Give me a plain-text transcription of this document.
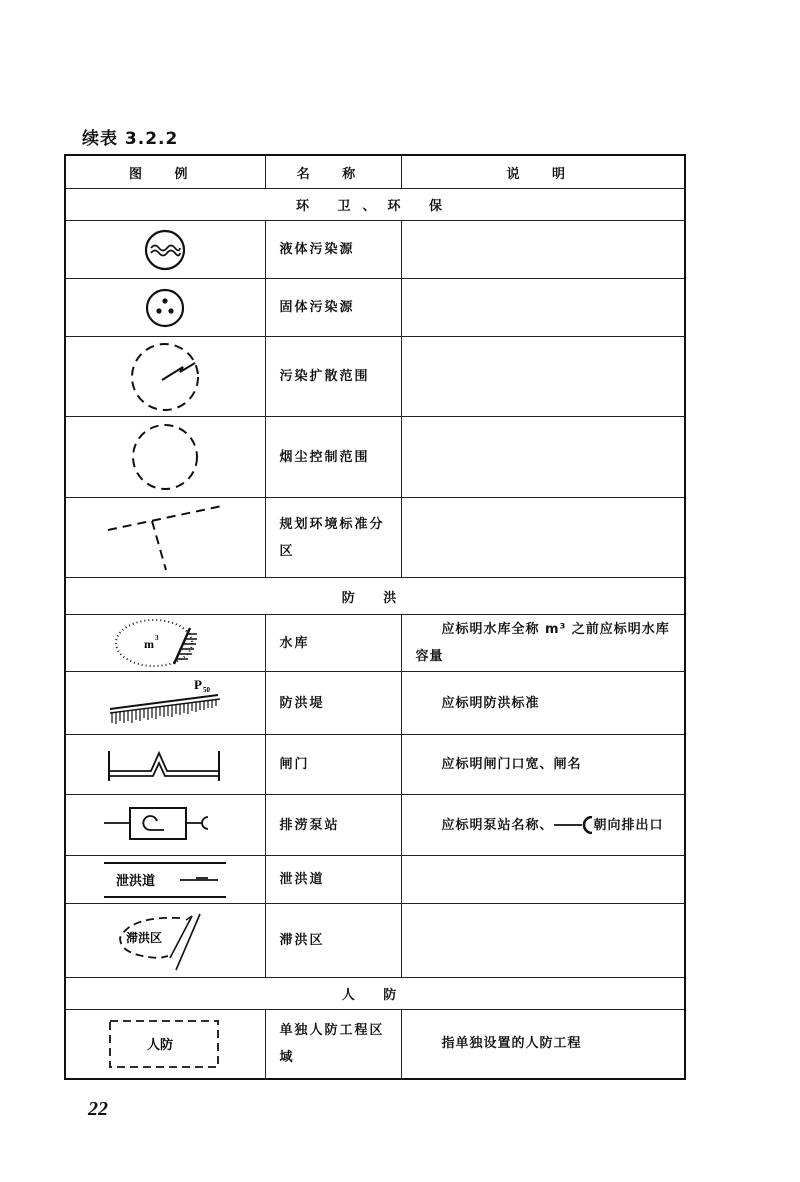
续表 3.2.2
图 例	名 称	说 明
环 卫、环 保		

	液体污染源	

	固体污染源	

	污染扩散范围	

	烟尘控制范围	

	规划环境标准分区	
防 洪		

m 3	水库	应标明水库全称 m³ 之前应标明水库容量

P 50	防洪堤	应标明防洪标准

	闸门	应标明闸门口宽、闸名

	排涝泵站	应标明泵站名称、 朝向排出口

泄洪道	泄洪道	

滞洪区	滞洪区	
人 防		

人防	单独人防工程区域	指单独设置的人防工程
22
